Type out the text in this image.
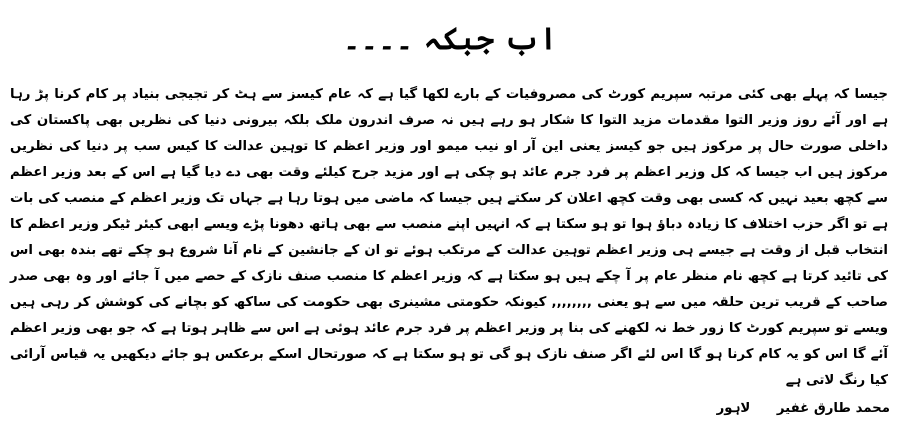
اب جبکہ ۔۔۔۔

جیسا کہ پہلے بھی کئی مرتبہ سپریم کورٹ کی مصروفیات کے بارے لکھا گیا ہے کہ عام کیسز سے ہٹ کر تجیجی بنیاد پر کام کرنا پڑ رہا ہے اور آئے روز وزیر التوا مقدمات مزید التوا کا شکار ہو رہے ہیں نہ صرف اندرون ملک بلکہ بیرونی دنیا کی نظریں بھی پاکستان کی داخلی صورت حال پر مرکوز ہیں جو کیسز یعنی این آر او نیب میمو اور وزیر اعظم کا توہین عدالت کا کیس سب پر دنیا کی نظریں مرکوز ہیں اب جیسا کہ کل وزیر اعظم پر فرد جرم عائد ہو چکی ہے اور مزید جرح کیلئے وقت بھی دے دیا گیا ہے اس کے بعد وزیر اعظم سے کچھ بعید نہیں کہ کسی بھی وقت کچھ اعلان کر سکتے ہیں جیسا کہ ماضی میں ہوتا رہا ہے جہاں تک وزیر اعظم کے منصب کی بات ہے تو اگر حزب اختلاف کا زیادہ دباؤ ہوا تو ہو سکتا ہے کہ انہیں اپنے منصب سے بھی ہاتھ دھونا پڑے ویسے ابھی کیئر ٹیکر وزیر اعظم کا انتخاب قبل از وقت ہے جیسے ہی وزیر اعظم توہین عدالت کے مرتکب ہوئے تو ان کے جانشین کے نام آنا شروع ہو چکے تھے بندہ بھی اس کی تائید کرتا ہے کچھ نام منظر عام پر آ چکے ہیں ہو سکتا ہے کہ وزیر اعظم کا منصب صنف نازک کے حصے میں آ جائے اور وہ بھی صدر صاحب کے قریب ترین حلقہ میں سے ہو یعنی ,,,,,,,, کیونکہ حکومتی مشینری بھی حکومت کی ساکھ کو بچانے کی کوشش کر رہی ہیں ویسے تو سپریم کورٹ کا زور خط نہ لکھنے کی بنا پر وزیر اعظم پر فرد جرم عائد ہوئی ہے اس سے ظاہر ہوتا ہے کہ جو بھی وزیر اعظم آئے گا اس کو یہ کام کرنا ہو گا اس لئے اگر صنف نازک ہو گی تو ہو سکتا ہے کہ صورتحال اسکے برعکس ہو جائے دیکھیں یہ قیاس آرائی کیا رنگ لاتی ہے

محمد طارق غفیر لاہور
